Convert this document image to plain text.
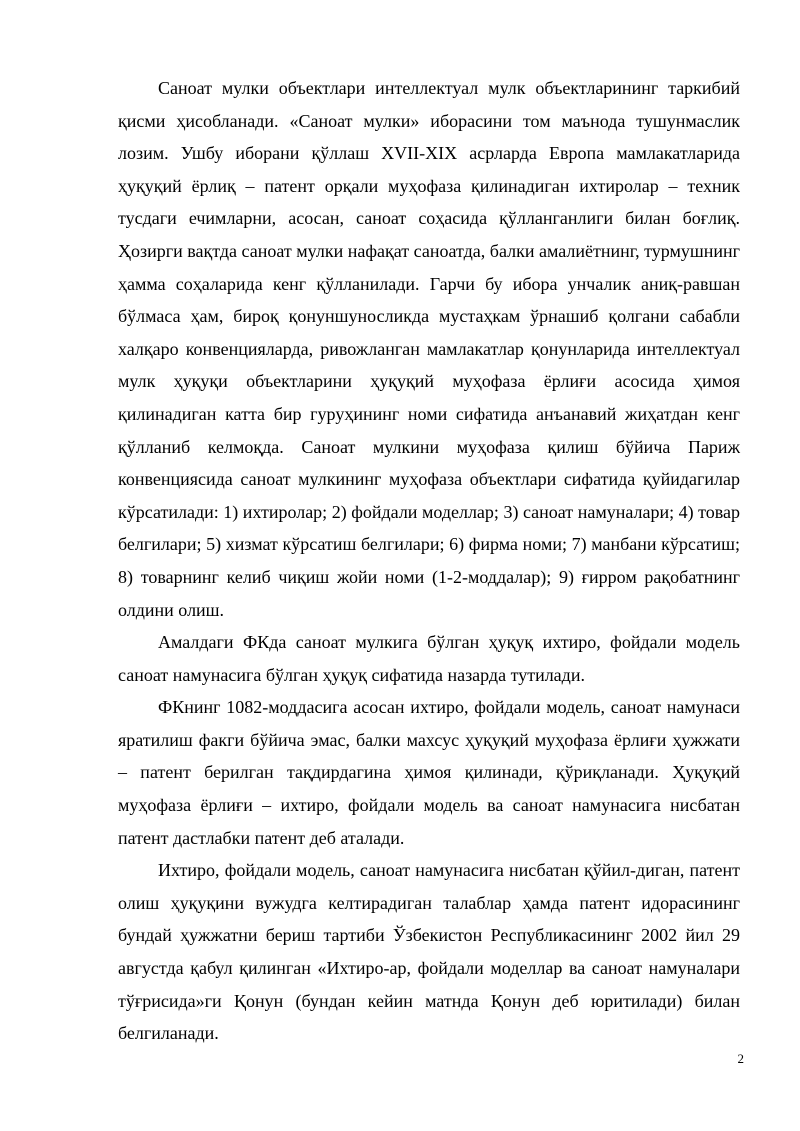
Саноат мулки объектлари интеллектуал мулк объектларининг таркибий қисми ҳисобланади. «Саноат мулки» иборасини том маънода тушунмаслик лозим. Ушбу иборани қўллаш XVII-XIX асрларда Европа мамлакатларида ҳуқуқий ёрлиқ – патент орқали муҳофаза қилинадиган ихтиролар – техник тусдаги ечимларни, асосан, саноат соҳасида қўлланганлиги билан боғлиқ. Ҳозирги вақтда саноат мулки нафақат саноатда, балки амалиётнинг, турмушнинг ҳамма соҳаларида кенг қўлланилади. Гарчи бу ибора унчалик аниқ-равшан бўлмаса ҳам, бироқ қонуншуносликда мустаҳкам ўрнашиб қолгани сабабли халқаро конвенцияларда, ривожланган мамлакатлар қонунларида интеллектуал мулк ҳуқуқи объектларини ҳуқуқий муҳофаза ёрлиғи асосида ҳимоя қилинадиган катта бир гуруҳининг номи сифатида анъанавий жиҳатдан кенг қўлланиб келмоқда. Саноат мулкини муҳофаза қилиш бўйича Париж конвенциясида саноат мулкининг муҳофаза объектлари сифатида қуйидагилар кўрсатилади: 1) ихтиролар; 2) фойдали моделлар; 3) саноат намуналари; 4) товар белгилари; 5) хизмат кўрсатиш белгилари; 6) фирма номи; 7) манбани кўрсатиш; 8) товарнинг келиб чиқиш жойи номи (1-2-моддалар); 9) ғирром рақобатнинг олдини олиш.

Амалдаги ФКда саноат мулкига бўлган ҳуқуқ ихтиро, фойдали модель саноат намунасига бўлган ҳуқуқ сифатида назарда тутилади.

ФКнинг 1082-моддасига асосан ихтиро, фойдали модель, саноат намунаси яратилиш факги бўйича эмас, балки махсус ҳуқуқий муҳофаза ёрлиғи ҳужжати – патент берилган тақдирдагина ҳимоя қилинади, қўриқланади. Ҳуқуқий муҳофаза ёрлиғи – ихтиро, фойдали модель ва саноат намунасига нисбатан патент дастлабки патент деб аталади.

Ихтиро, фойдали модель, саноат намунасига нисбатан қўйил-диган, патент олиш ҳуқуқини вужудга келтирадиган талаблар ҳамда патент идорасининг бундай ҳужжатни бериш тартиби Ўзбекистон Республикасининг 2002 йил 29 августда қабул қилинган «Ихтиро-ар, фойдали моделлар ва саноат намуналари тўғрисида»ги Қонун (бундан кейин матнда Қонун деб юритилади) билан белгиланади.

2
